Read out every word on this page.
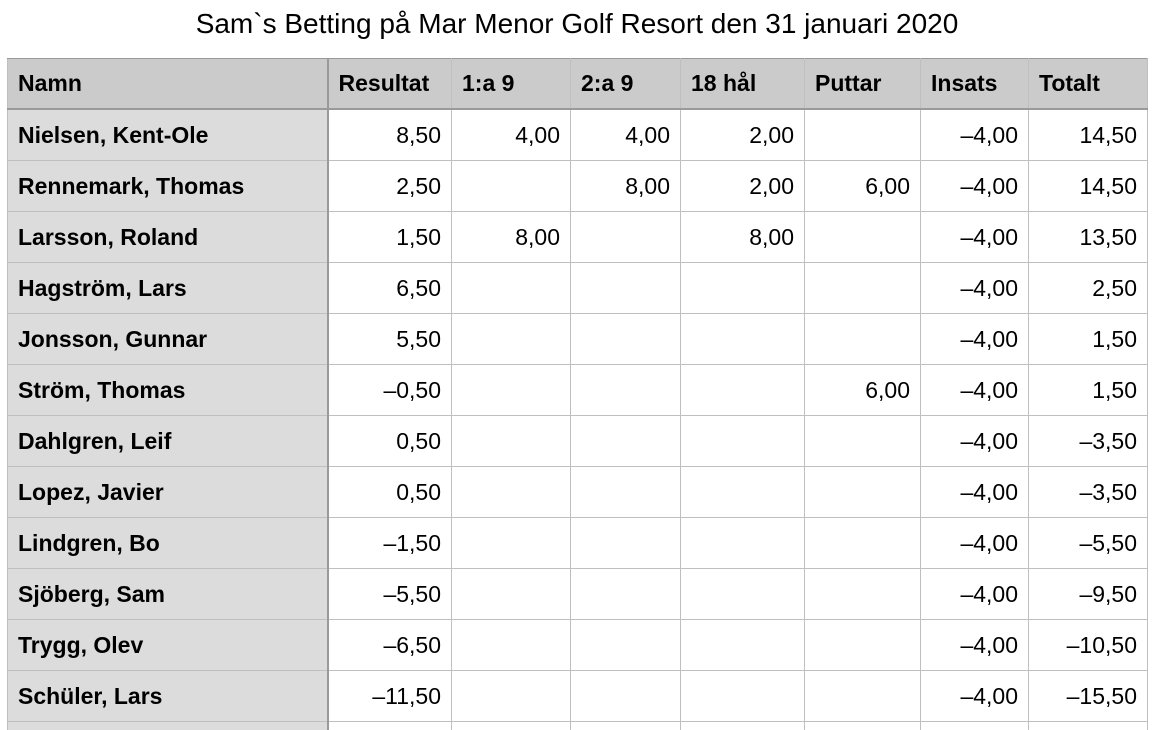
Sam`s Betting på Mar Menor Golf Resort den 31 januari 2020
Namn	Resultat	1:a 9	2:a 9	18 hål	Puttar	Insats	Totalt
Nielsen, Kent-Ole	8,50	4,00	4,00	2,00		–4,00	14,50
Rennemark, Thomas	2,50		8,00	2,00	6,00	–4,00	14,50
Larsson, Roland	1,50	8,00		8,00		–4,00	13,50
Hagström, Lars	6,50					–4,00	2,50
Jonsson, Gunnar	5,50					–4,00	1,50
Ström, Thomas	–0,50				6,00	–4,00	1,50
Dahlgren, Leif	0,50					–4,00	–3,50
Lopez, Javier	0,50					–4,00	–3,50
Lindgren, Bo	–1,50					–4,00	–5,50
Sjöberg, Sam	–5,50					–4,00	–9,50
Trygg, Olev	–6,50					–4,00	–10,50
Schüler, Lars	–11,50					–4,00	–15,50
